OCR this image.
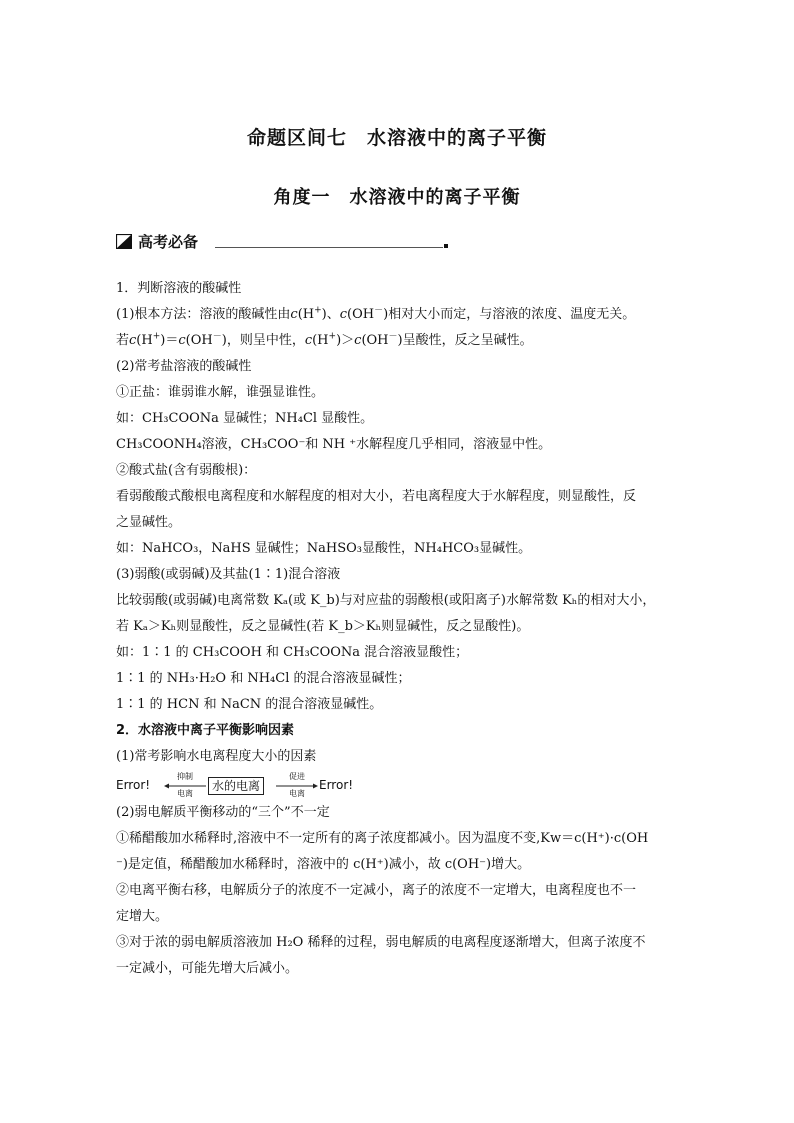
命题区间七　水溶液中的离子平衡
角度一　水溶液中的离子平衡
高考必备
1．判断溶液的酸碱性
(1)根本方法：溶液的酸碱性由c(H+)、c(OH－)相对大小而定，与溶液的浓度、温度无关。
若c(H+)＝c(OH－)，则呈中性，c(H+)＞c(OH－)呈酸性，反之呈碱性。
(2)常考盐溶液的酸碱性
①正盐：谁弱谁水解，谁强显谁性。
如：CH₃COONa 显碱性；NH₄Cl 显酸性。
CH₃COONH₄溶液，CH₃COO⁻和 NH ⁺水解程度几乎相同，溶液显中性。
②酸式盐(含有弱酸根)：
看弱酸酸式酸根电离程度和水解程度的相对大小，若电离程度大于水解程度，则显酸性，反
之显碱性。
如：NaHCO₃，NaHS 显碱性；NaHSO₃显酸性，NH₄HCO₃显碱性。
(3)弱酸(或弱碱)及其盐(1∶1)混合溶液
比较弱酸(或弱碱)电离常数 Kₐ(或 K_b)与对应盐的弱酸根(或阳离子)水解常数 Kₕ的相对大小，
若 Kₐ＞Kₕ则显酸性，反之显碱性(若 K_b＞Kₕ则显碱性，反之显酸性)。
如：1∶1 的 CH₃COOH 和 CH₃COONa 混合溶液显酸性；
1∶1 的 NH₃·H₂O 和 NH₄Cl 的混合溶液显碱性；
1∶1 的 HCN 和 NaCN 的混合溶液显碱性。
2．水溶液中离子平衡影响因素
(1)常考影响水电离程度大小的因素
Error!
抑制
电离
水的电离
促进
电离
Error!
(2)弱电解质平衡移动的“三个”不一定
①稀醋酸加水稀释时,溶液中不一定所有的离子浓度都减小。因为温度不变,Kw＝c(H⁺)·c(OH
⁻)是定值，稀醋酸加水稀释时，溶液中的 c(H⁺)减小，故 c(OH⁻)增大。
②电离平衡右移，电解质分子的浓度不一定减小，离子的浓度不一定增大，电离程度也不一
定增大。
③对于浓的弱电解质溶液加 H₂O 稀释的过程，弱电解质的电离程度逐渐增大，但离子浓度不
一定减小，可能先增大后减小。
